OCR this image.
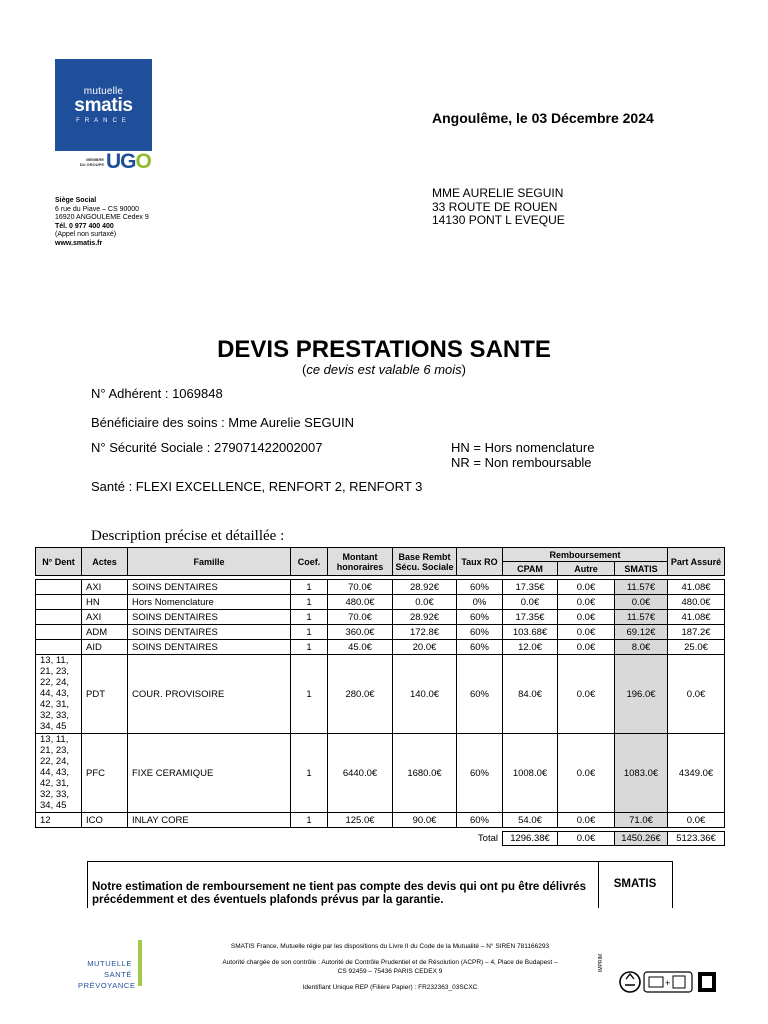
mutuelle
smatis
FRANCE
MEMBRE
DU GROUPE UGO
Siège Social
6 rue du Piave – CS 90000
16920 ANGOULEME Cedex 9
Tél. 0 977 400 400
(Appel non surtaxé)
www.smatis.fr
Angoulême, le 03 Décembre 2024
MME AURELIE SEGUIN
33 ROUTE DE ROUEN
14130 PONT L EVEQUE
DEVIS PRESTATIONS SANTE
(ce devis est valable 6 mois)
N° Adhérent : 1069848
Bénéficiaire des soins : Mme Aurelie SEGUIN
N° Sécurité Sociale : 279071422002007	HN = Hors nomenclature
NR = Non remboursable
Santé : FLEXI EXCELLENCE, RENFORT 2, RENFORT 3
Description précise et détaillée :
N° Dent	Actes	Famille	Coef.	Montant honoraires	Base Rembt Sécu. Sociale	Taux RO	Remboursement			Part Assuré
							CPAM	Autre	SMATIS	

	AXI	SOINS DENTAIRES	1	70.0€	28.92€	60%	17.35€	0.0€	11.57€	41.08€
	HN	Hors Nomenclature	1	480.0€	0.0€	0%	0.0€	0.0€	0.0€	480.0€
	AXI	SOINS DENTAIRES	1	70.0€	28.92€	60%	17.35€	0.0€	11.57€	41.08€
	ADM	SOINS DENTAIRES	1	360.0€	172.8€	60%	103.68€	0.0€	69.12€	187.2€
	AID	SOINS DENTAIRES	1	45.0€	20.0€	60%	12.0€	0.0€	8.0€	25.0€
13, 11, 21, 23, 22, 24, 44, 43, 42, 31, 32, 33, 34, 45	PDT	COUR. PROVISOIRE	1	280.0€	140.0€	60%	84.0€	0.0€	196.0€	0.0€
13, 11, 21, 23, 22, 24, 44, 43, 42, 31, 32, 33, 34, 45	PFC	FIXE CERAMIQUE	1	6440.0€	1680.0€	60%	1008.0€	0.0€	1083.0€	4349.0€
12	ICO	INLAY CORE	1	125.0€	90.0€	60%	54.0€	0.0€	71.0€	0.0€

						Total	1296.38€	0.0€	1450.26€	5123.36€
Notre estimation de remboursement ne tient pas compte des devis qui ont pu être délivrés précédemment et des éventuels plafonds prévus par la garantie.
SMATIS
MUTUELLE
SANTÉ
PRÉVOYANCE
SMATIS France, Mutuelle régie par les dispositions du Livre II du Code de la Mutualité – N° SIREN 781166293
Autorité chargée de son contrôle : Autorité de Contrôle Prudentiel et de Résolution (ACPR) – 4, Place de Budapest –
CS 92459 – 75436 PARIS CEDEX 9
Identifiant Unique REP (Filière Papier) : FR232363_03SCXC
IMPRIM
+
